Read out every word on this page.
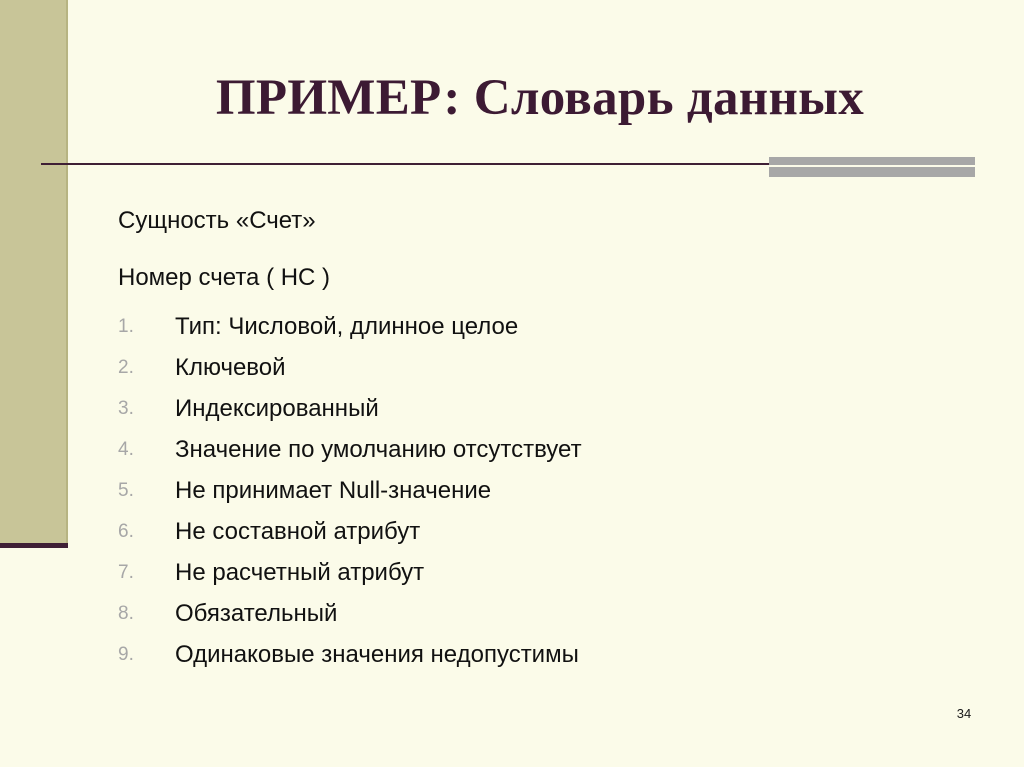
ПРИМЕР: Словарь данных
Сущность «Счет»
Номер счета ( НС )
1.	Тип: Числовой, длинное целое
2.	Ключевой
3.	Индексированный
4.	Значение по умолчанию отсутствует
5.	Не принимает Null-значение
6.	Не составной атрибут
7.	Не расчетный атрибут
8.	Обязательный
9.	Одинаковые значения недопустимы
34
